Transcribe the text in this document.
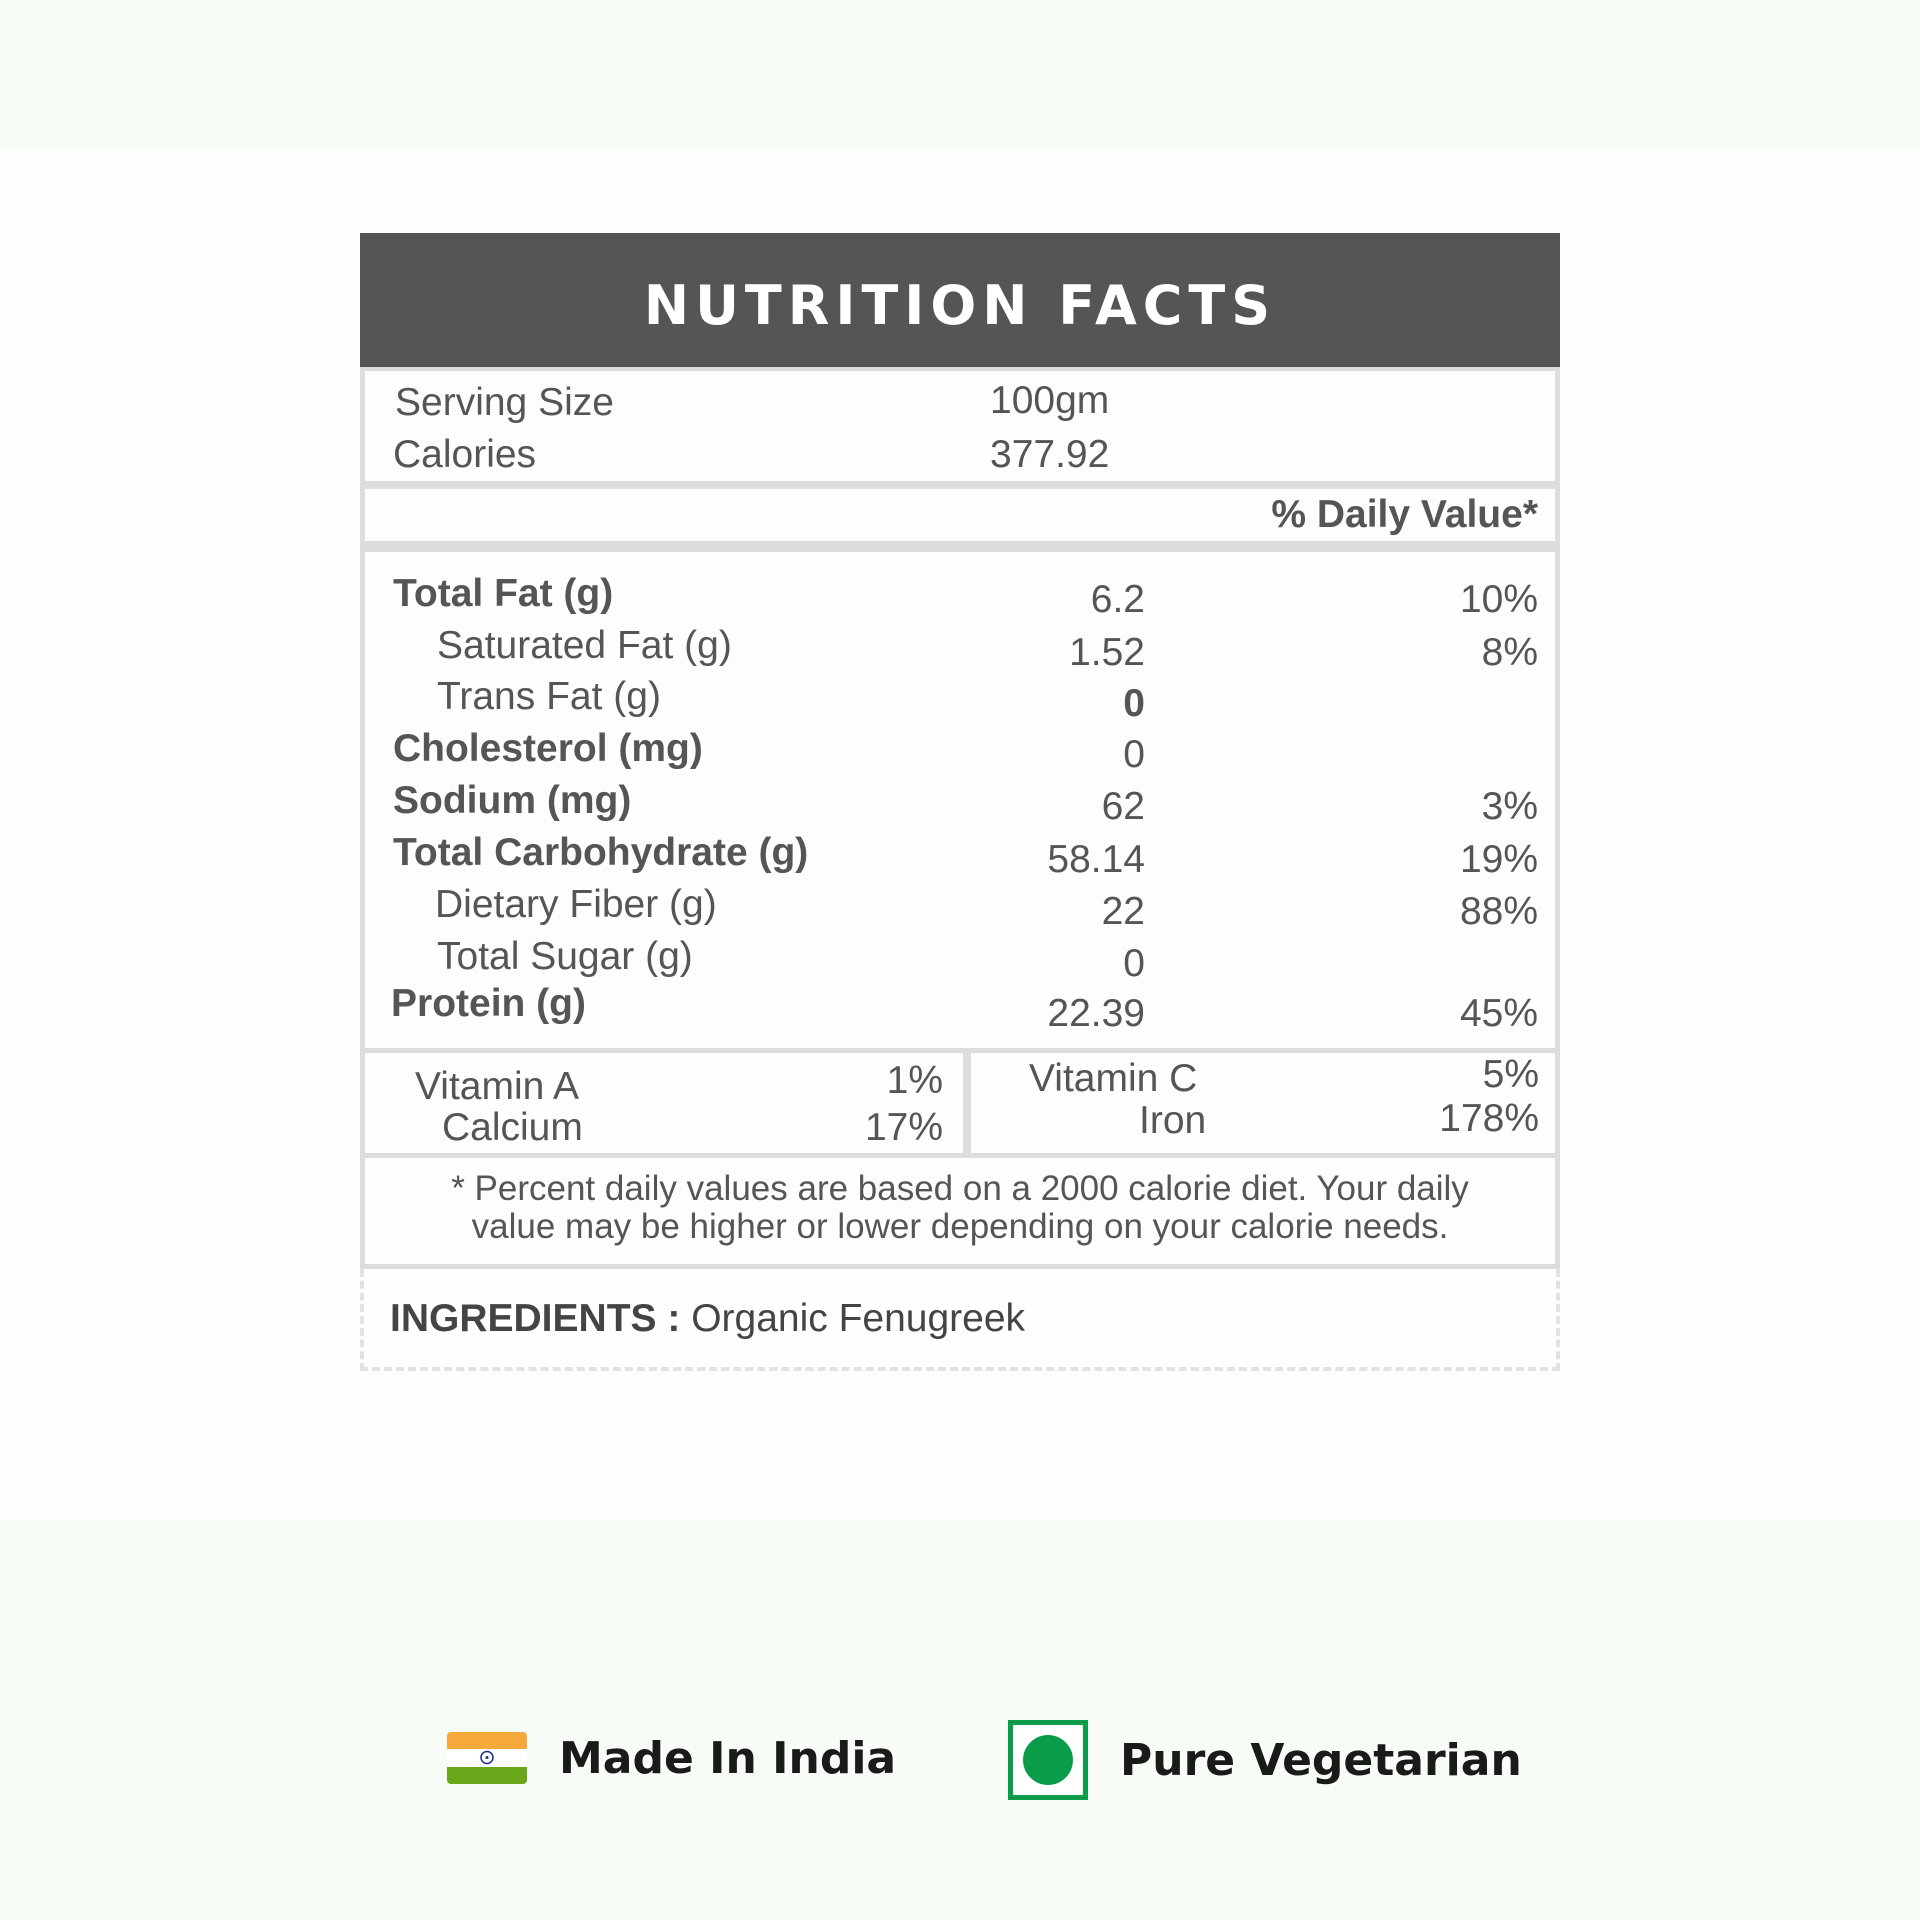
NUTRITION FACTS
Serving Size	100gm
Calories	377.92
% Daily Value*
Total Fat (g)	6.2	10%
Saturated Fat (g)	1.52	8%
Trans Fat (g)	0
Cholesterol (mg)	0
Sodium (mg)	62	3%
Total Carbohydrate (g)	58.14	19%
Dietary Fiber (g)	22	88%
Total Sugar (g)	0
Protein (g)	22.39	45%
Vitamin A	1%
Calcium	17%
Vitamin C	5%
Iron	178%
* Percent daily values are based on a 2000 calorie diet. Your daily
value may be higher or lower depending on your calorie needs.
INGREDIENTS : Organic Fenugreek
Made In India	Pure Vegetarian
